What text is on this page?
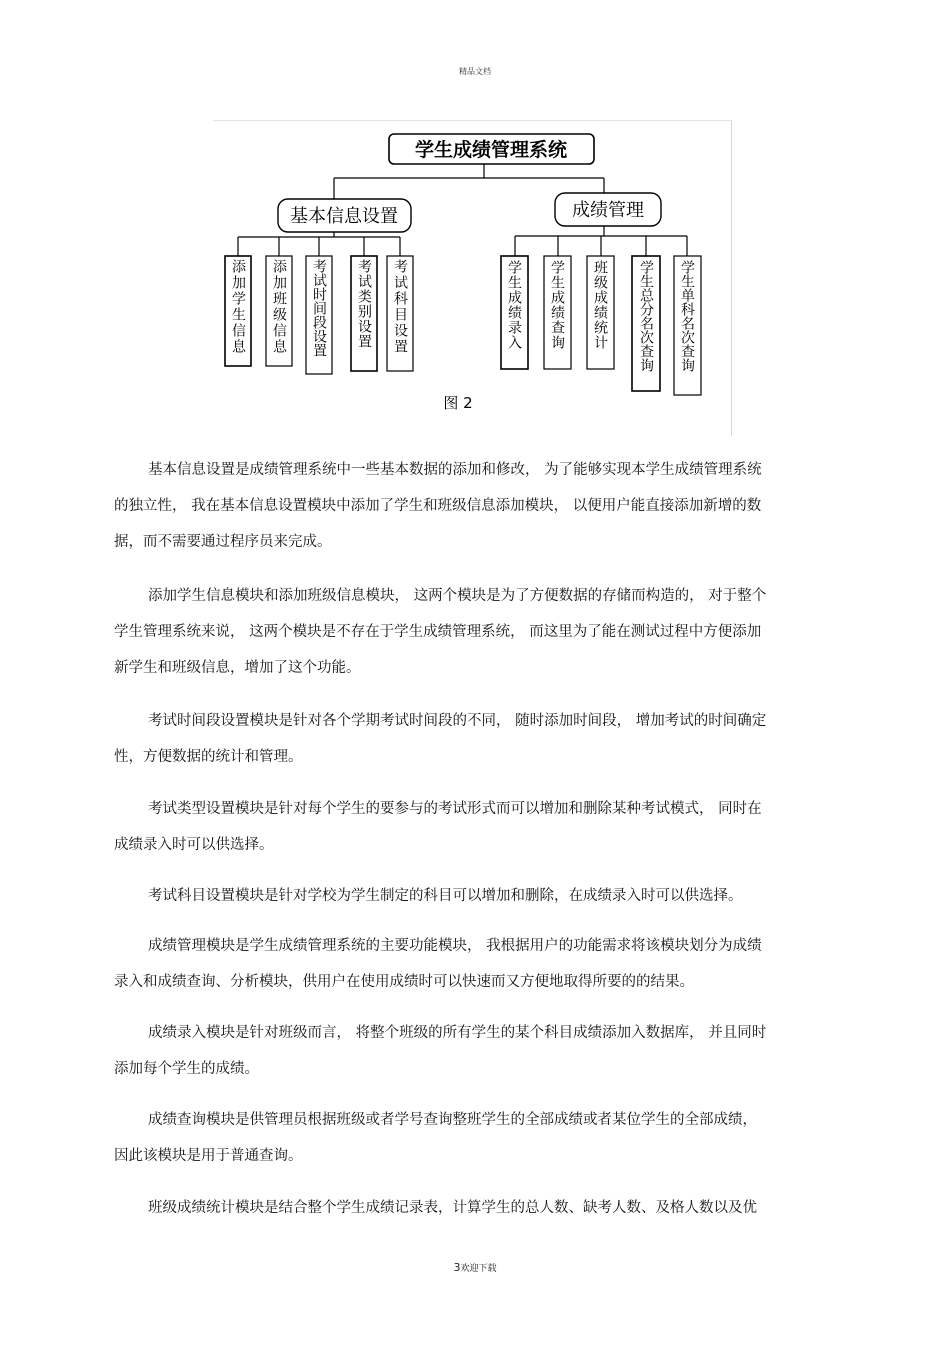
精品文档
学生成绩管理系统
基本信息设置	成绩管理
添加学生信息 添加班级信息 考试时间段设置 考试类别设置 考试科目设置	学生成绩录入 学生成绩查询 班级成绩统计 学生总分名次查询 学生单科名次查询
图 2
基本信息设置是成绩管理系统中一些基本数据的添加和修改， 为了能够实现本学生成绩管理系统
的独立性， 我在基本信息设置模块中添加了学生和班级信息添加模块， 以便用户能直接添加新增的数
据，而不需要通过程序员来完成。
添加学生信息模块和添加班级信息模块， 这两个模块是为了方便数据的存储而构造的， 对于整个
学生管理系统来说， 这两个模块是不存在于学生成绩管理系统， 而这里为了能在测试过程中方便添加
新学生和班级信息，增加了这个功能。
考试时间段设置模块是针对各个学期考试时间段的不同， 随时添加时间段， 增加考试的时间确定
性，方便数据的统计和管理。
考试类型设置模块是针对每个学生的要参与的考试形式而可以增加和删除某种考试模式， 同时在
成绩录入时可以供选择。
考试科目设置模块是针对学校为学生制定的科目可以增加和删除，在成绩录入时可以供选择。
成绩管理模块是学生成绩管理系统的主要功能模块， 我根据用户的功能需求将该模块划分为成绩
录入和成绩查询、分析模块，供用户在使用成绩时可以快速而又方便地取得所要的的结果。
成绩录入模块是针对班级而言， 将整个班级的所有学生的某个科目成绩添加入数据库， 并且同时
添加每个学生的成绩。
成绩查询模块是供管理员根据班级或者学号查询整班学生的全部成绩或者某位学生的全部成绩，
因此该模块是用于普通查询。
班级成绩统计模块是结合整个学生成绩记录表，计算学生的总人数、缺考人数、及格人数以及优
3欢迎下载
